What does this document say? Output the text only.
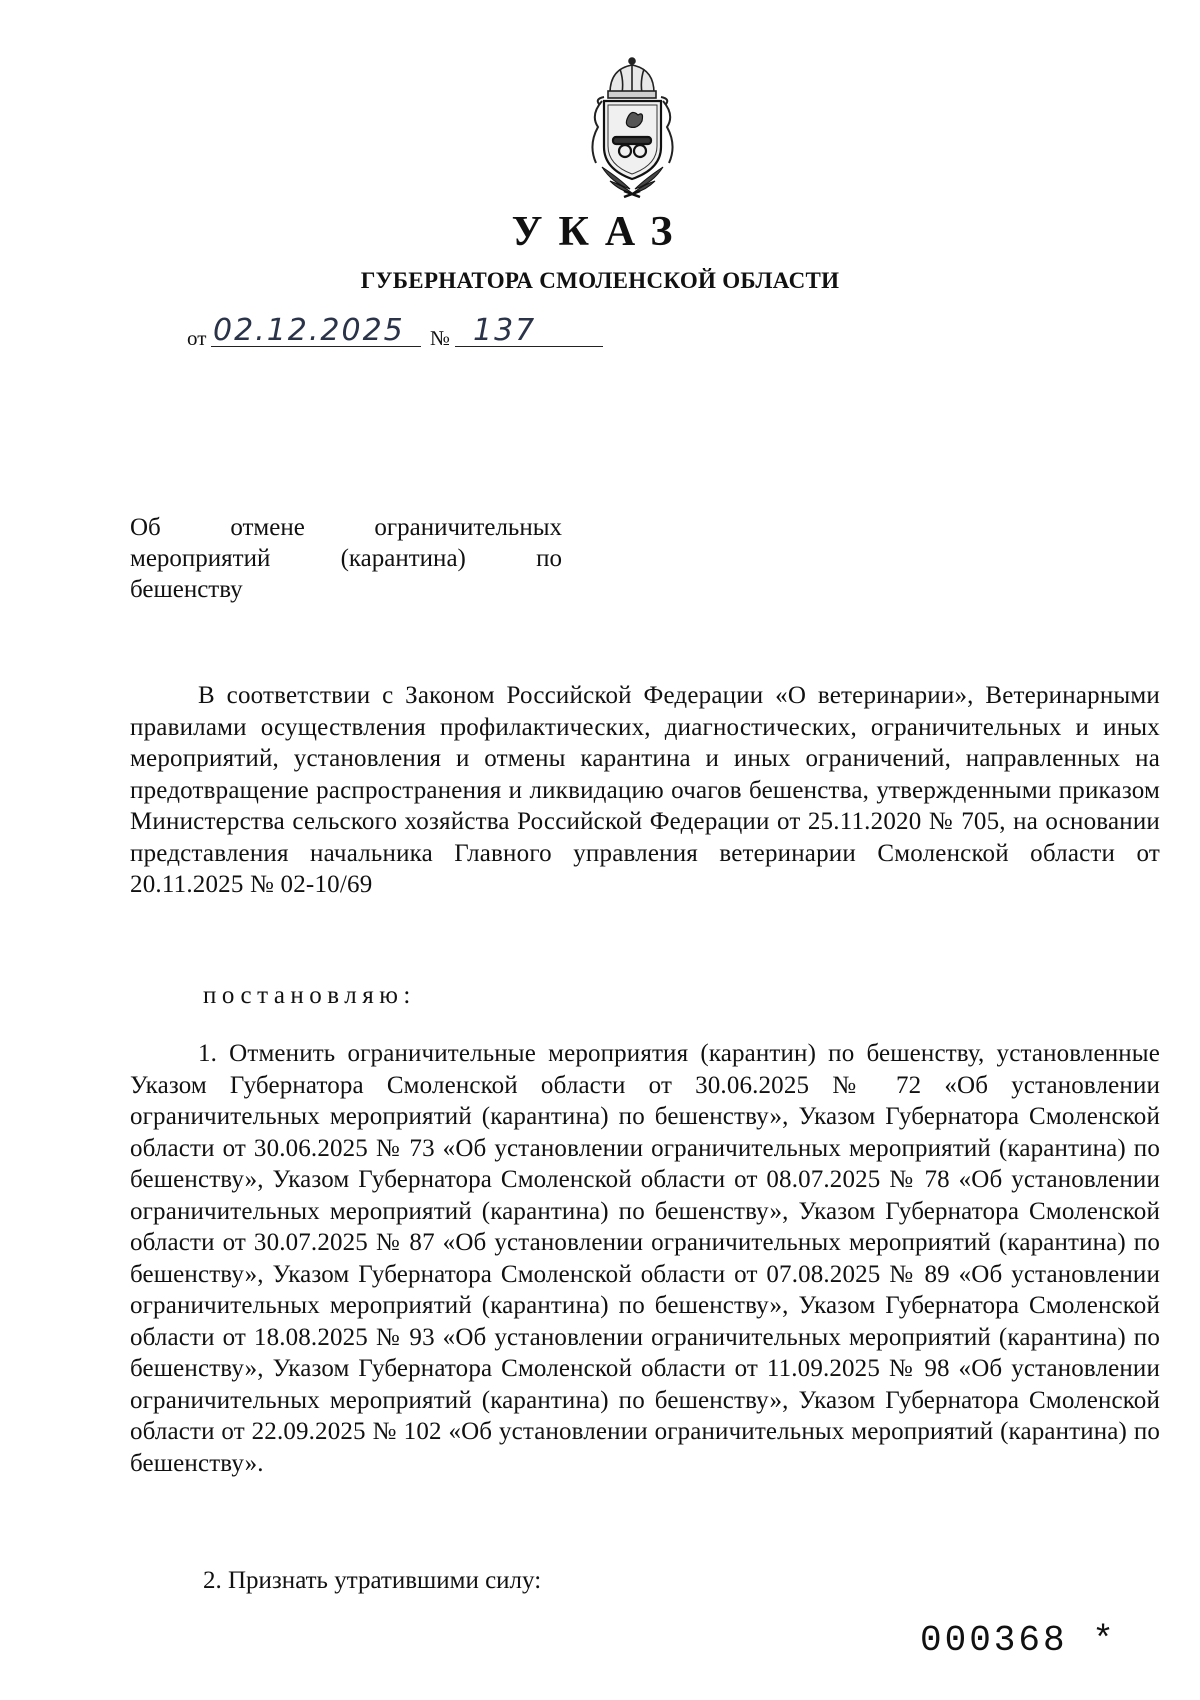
УКАЗ
ГУБЕРНАТОРА СМОЛЕНСКОЙ ОБЛАСТИ
от 02.12.2025	№ 137
Об	отмене	ограничительных
мероприятий	(карантина)	по
бешенству

В соответствии с Законом Российской Федерации «О ветеринарии», Ветеринарными правилами осуществления профилактических, диагностических, ограничительных и иных мероприятий, установления и отмены карантина и иных ограничений, направленных на предотвращение распространения и ликвидацию очагов бешенства, утвержденными приказом Министерства сельского хозяйства Российской Федерации от 25.11.2020 № 705, на основании представления начальника Главного управления ветеринарии Смоленской области от 20.11.2025 № 02-10/69

постановляю:

1. Отменить ограничительные мероприятия (карантин) по бешенству, установленные Указом Губернатора Смоленской области от 30.06.2025 № 72 «Об установлении ограничительных мероприятий (карантина) по бешенству», Указом Губернатора Смоленской области от 30.06.2025 № 73 «Об установлении ограничительных мероприятий (карантина) по бешенству», Указом Губернатора Смоленской области от 08.07.2025 № 78 «Об установлении ограничительных мероприятий (карантина) по бешенству», Указом Губернатора Смоленской области от 30.07.2025 № 87 «Об установлении ограничительных мероприятий (карантина) по бешенству», Указом Губернатора Смоленской области от 07.08.2025 № 89 «Об установлении ограничительных мероприятий (карантина) по бешенству», Указом Губернатора Смоленской области от 18.08.2025 № 93 «Об установлении ограничительных мероприятий (карантина) по бешенству», Указом Губернатора Смоленской области от 11.09.2025 № 98 «Об установлении ограничительных мероприятий (карантина) по бешенству», Указом Губернатора Смоленской области от 22.09.2025 № 102 «Об установлении ограничительных мероприятий (карантина) по бешенству».

2. Признать утратившими силу:
000368 *
